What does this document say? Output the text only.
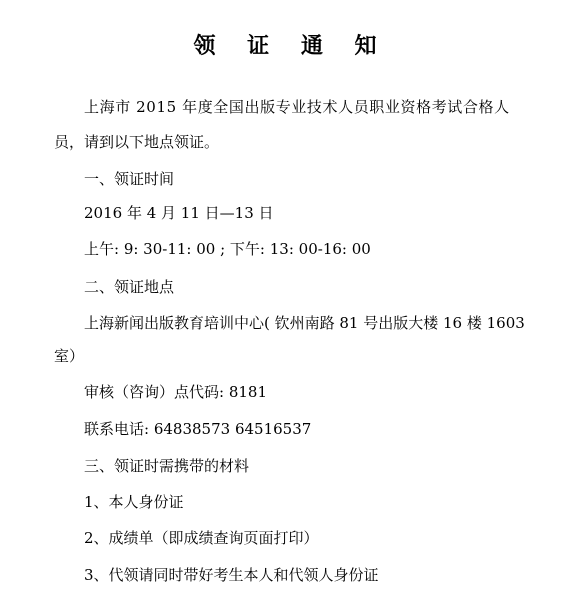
领 证 通 知
上海市 2015 年度全国出版专业技术人员职业资格考试合格人
员，请到以下地点领证。
一、领证时间
2016 年 4 月 11 日—13 日
上午: 9: 30-11: 00 ; 下午: 13: 00-16: 00
二、领证地点
上海新闻出版教育培训中心( 钦州南路 81 号出版大楼 16 楼 1603
室）
审核（咨询）点代码: 8181
联系电话: 64838573 64516537
三、领证时需携带的材料
1、本人身份证
2、成绩单（即成绩查询页面打印）
3、代领请同时带好考生本人和代领人身份证
